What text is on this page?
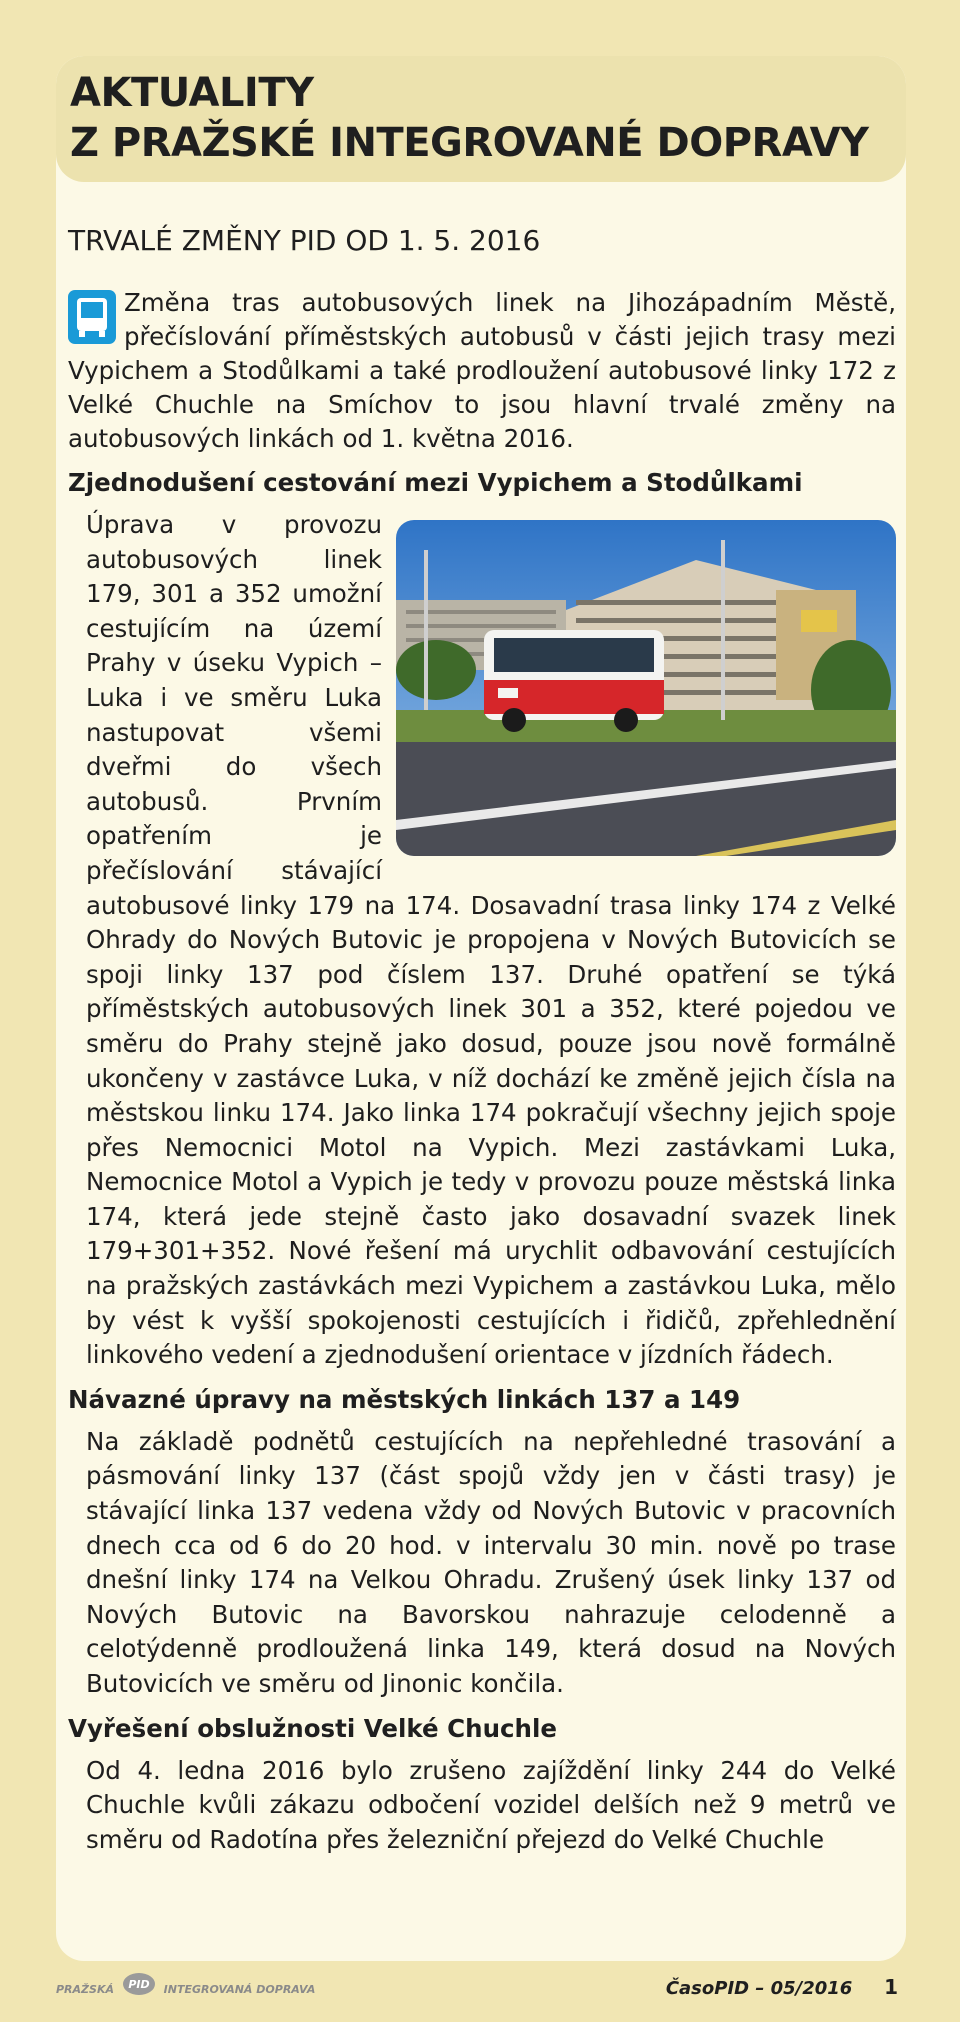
AKTUALITY
Z PRAŽSKÉ INTEGROVANÉ DOPRAVY
TRVALÉ ZMĚNY PID OD 1. 5. 2016

Změna tras autobusových linek na Jihozápadním Městě, přečíslování příměstských autobusů v části jejich trasy mezi Vypichem a Stodůlkami a také prodloužení autobusové linky 172 z Velké Chuchle na Smíchov to jsou hlavní trvalé změny na autobusových linkách od 1. května 2016.

Zjednodušení cestování mezi Vypichem a Stodůlkami

Úprava v provozu autobusových linek 179, 301 a 352 umožní cestujícím na území Prahy v úseku Vypich – Luka i ve směru Luka nastupovat všemi dveřmi do všech autobusů. Prvním opatřením je přečíslování stávající autobusové linky 179 na 174. Dosavadní trasa linky 174 z Velké Ohrady do Nových Butovic je propojena v Nových Butovicích se spoji linky 137 pod číslem 137. Druhé opatření se týká příměstských autobusových linek 301 a 352, které pojedou ve směru do Prahy stejně jako dosud, pouze jsou nově formálně ukončeny v zastávce Luka, v níž dochází ke změně jejich čísla na městskou linku 174. Jako linka 174 pokračují všechny jejich spoje přes Nemocnici Motol na Vypich. Mezi zastávkami Luka, Nemocnice Motol a Vypich je tedy v provozu pouze městská linka 174, která jede stejně často jako dosavadní svazek linek 179+301+352. Nové řešení má urychlit odbavování cestujících na pražských zastávkách mezi Vypichem a zastávkou Luka, mělo by vést k vyšší spokojenosti cestujících i řidičů, zpřehlednění linkového vedení a zjednodušení orientace v jízdních řádech.

Návazné úpravy na městských linkách 137 a 149

Na základě podnětů cestujících na nepřehledné trasování a pásmování linky 137 (část spojů vždy jen v části trasy) je stávající linka 137 vedena vždy od Nových Butovic v pracovních dnech cca od 6 do 20 hod. v intervalu 30 min. nově po trase dnešní linky 174 na Velkou Ohradu. Zrušený úsek linky 137 od Nových Butovic na Bavorskou nahrazuje celodenně a celotýdenně prodloužená linka 149, která dosud na Nových Butovicích ve směru od Jinonic končila.

Vyřešení obslužnosti Velké Chuchle

Od 4. ledna 2016 bylo zrušeno zajíždění linky 244 do Velké Chuchle kvůli zákazu odbočení vozidel delších než 9 metrů ve směru od Radotína přes železniční přejezd do Velké Chuchle

PRAŽSKÁ PID INTEGROVANÁ DOPRAVA	ČasoPID – 05/2016 1
